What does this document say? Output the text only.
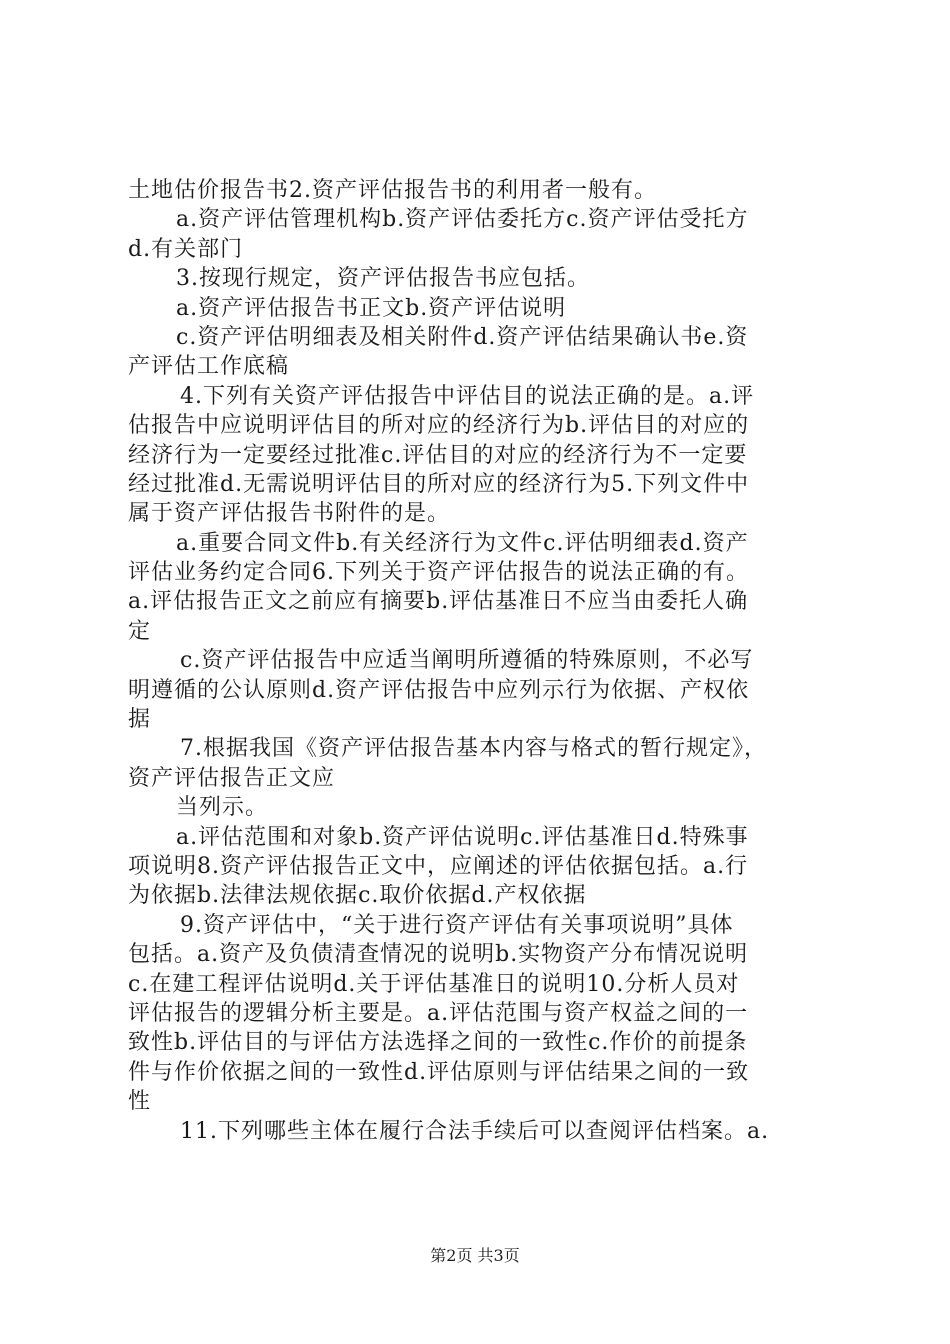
土地估价报告书2.资产评估报告书的利用者一般有。
a.资产评估管理机构b.资产评估委托方c.资产评估受托方
d.有关部门
3.按现行规定，资产评估报告书应包括。
a.资产评估报告书正文b.资产评估说明
c.资产评估明细表及相关附件d.资产评估结果确认书e.资
产评估工作底稿
4.下列有关资产评估报告中评估目的说法正确的是。a.评
估报告中应说明评估目的所对应的经济行为b.评估目的对应的
经济行为一定要经过批准c.评估目的对应的经济行为不一定要
经过批准d.无需说明评估目的所对应的经济行为5.下列文件中
属于资产评估报告书附件的是。
a.重要合同文件b.有关经济行为文件c.评估明细表d.资产
评估业务约定合同6.下列关于资产评估报告的说法正确的有。
a.评估报告正文之前应有摘要b.评估基准日不应当由委托人确
定
c.资产评估报告中应适当阐明所遵循的特殊原则，不必写
明遵循的公认原则d.资产评估报告中应列示行为依据、产权依
据
7.根据我国《资产评估报告基本内容与格式的暂行规定》，
资产评估报告正文应
当列示。
a.评估范围和对象b.资产评估说明c.评估基准日d.特殊事
项说明8.资产评估报告正文中，应阐述的评估依据包括。a.行
为依据b.法律法规依据c.取价依据d.产权依据
9.资产评估中，“关于进行资产评估有关事项说明”具体
包括。a.资产及负债清查情况的说明b.实物资产分布情况说明
c.在建工程评估说明d.关于评估基准日的说明10.分析人员对
评估报告的逻辑分析主要是。a.评估范围与资产权益之间的一
致性b.评估目的与评估方法选择之间的一致性c.作价的前提条
件与作价依据之间的一致性d.评估原则与评估结果之间的一致
性
11.下列哪些主体在履行合法手续后可以查阅评估档案。a.
第2页 共3页
